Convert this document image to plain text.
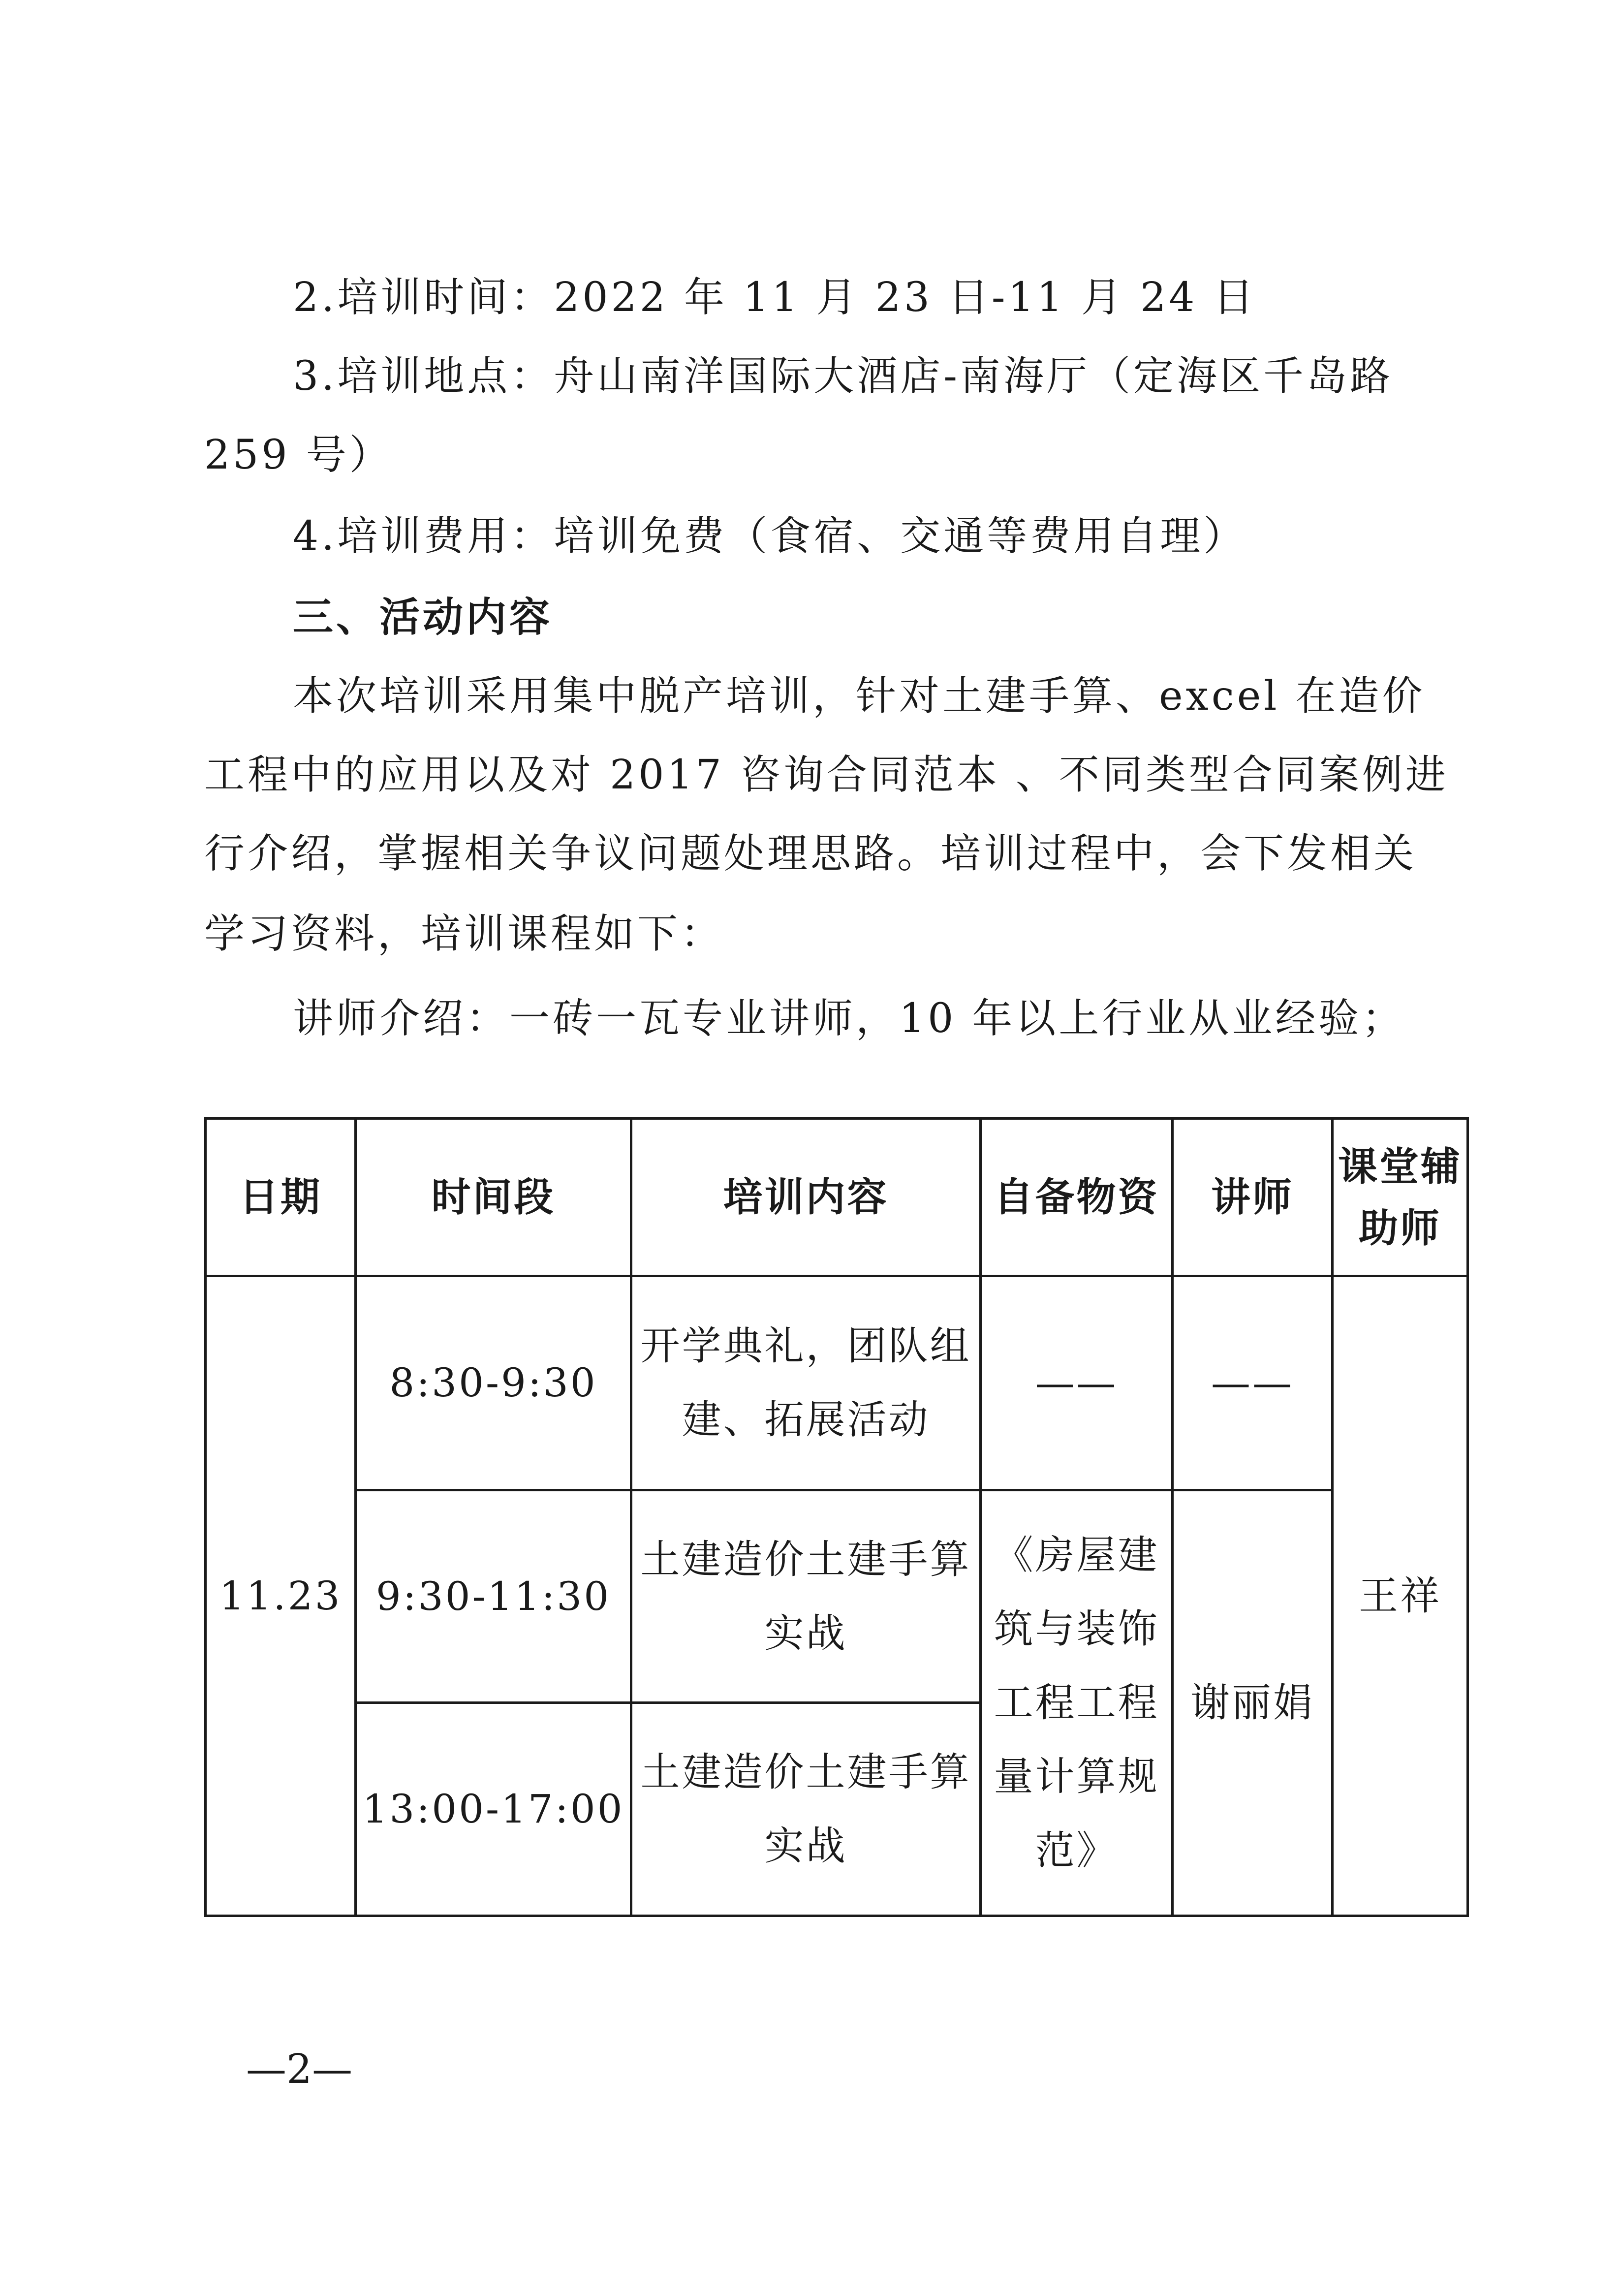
2.培训时间：2022 年 11 月 23 日-11 月 24 日
3.培训地点：舟山南洋国际大酒店-南海厅（定海区千岛路
259 号）
4.培训费用：培训免费（食宿、交通等费用自理）
三、活动内容
本次培训采用集中脱产培训，针对土建手算、excel 在造价
工程中的应用以及对 2017 咨询合同范本 、不同类型合同案例进
行介绍，掌握相关争议问题处理思路。培训过程中，会下发相关
学习资料，培训课程如下：
讲师介绍：一砖一瓦专业讲师，10 年以上行业从业经验；
日期	时间段	培训内容	自备物资	讲师	课堂辅助师
11.23	8:30-9:30	开学典礼，团队组建、拓展活动	——	——	王祥
	9:30-11:30	土建造价土建手算实战	《房屋建筑与装饰工程工程量计算规范》	谢丽娟	
	13:00-17:00	土建造价土建手算实战			
—2—
